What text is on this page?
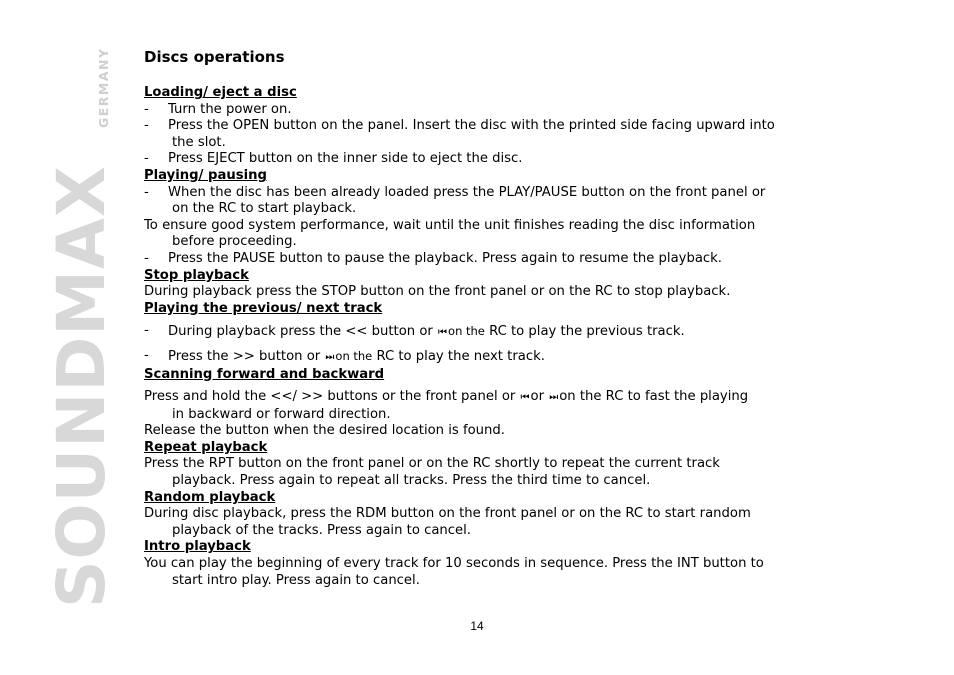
SOUNDMAX
GERMANY Discs operations
Loading/ eject a disc
- Turn the power on.
- Press the OPEN button on the panel. Insert the disc with the printed side facing upward into
the slot.
- Press EJECT button on the inner side to eject the disc.
Playing/ pausing
- When the disc has been already loaded press the PLAY/PAUSE button on the front panel or
on the RC to start playback.
To ensure good system performance, wait until the unit finishes reading the disc information
before proceeding.
- Press the PAUSE button to pause the playback. Press again to resume the playback.
Stop playback
During playback press the STOP button on the front panel or on the RC to stop playback.
Playing the previous/ next track
- During playback press the << button or ⏮ on the RC to play the previous track.
- Press the >> button or ⏭ on the RC to play the next track.
Scanning forward and backward
Press and hold the <</ >> buttons or the front panel or ⏮ or ⏭ on the RC to fast the playing
in backward or forward direction.
Release the button when the desired location is found.
Repeat playback
Press the RPT button on the front panel or on the RC shortly to repeat the current track
playback. Press again to repeat all tracks. Press the third time to cancel.
Random playback
During disc playback, press the RDM button on the front panel or on the RC to start random
playback of the tracks. Press again to cancel.
Intro playback
You can play the beginning of every track for 10 seconds in sequence. Press the INT button to
start intro play. Press again to cancel.
14
